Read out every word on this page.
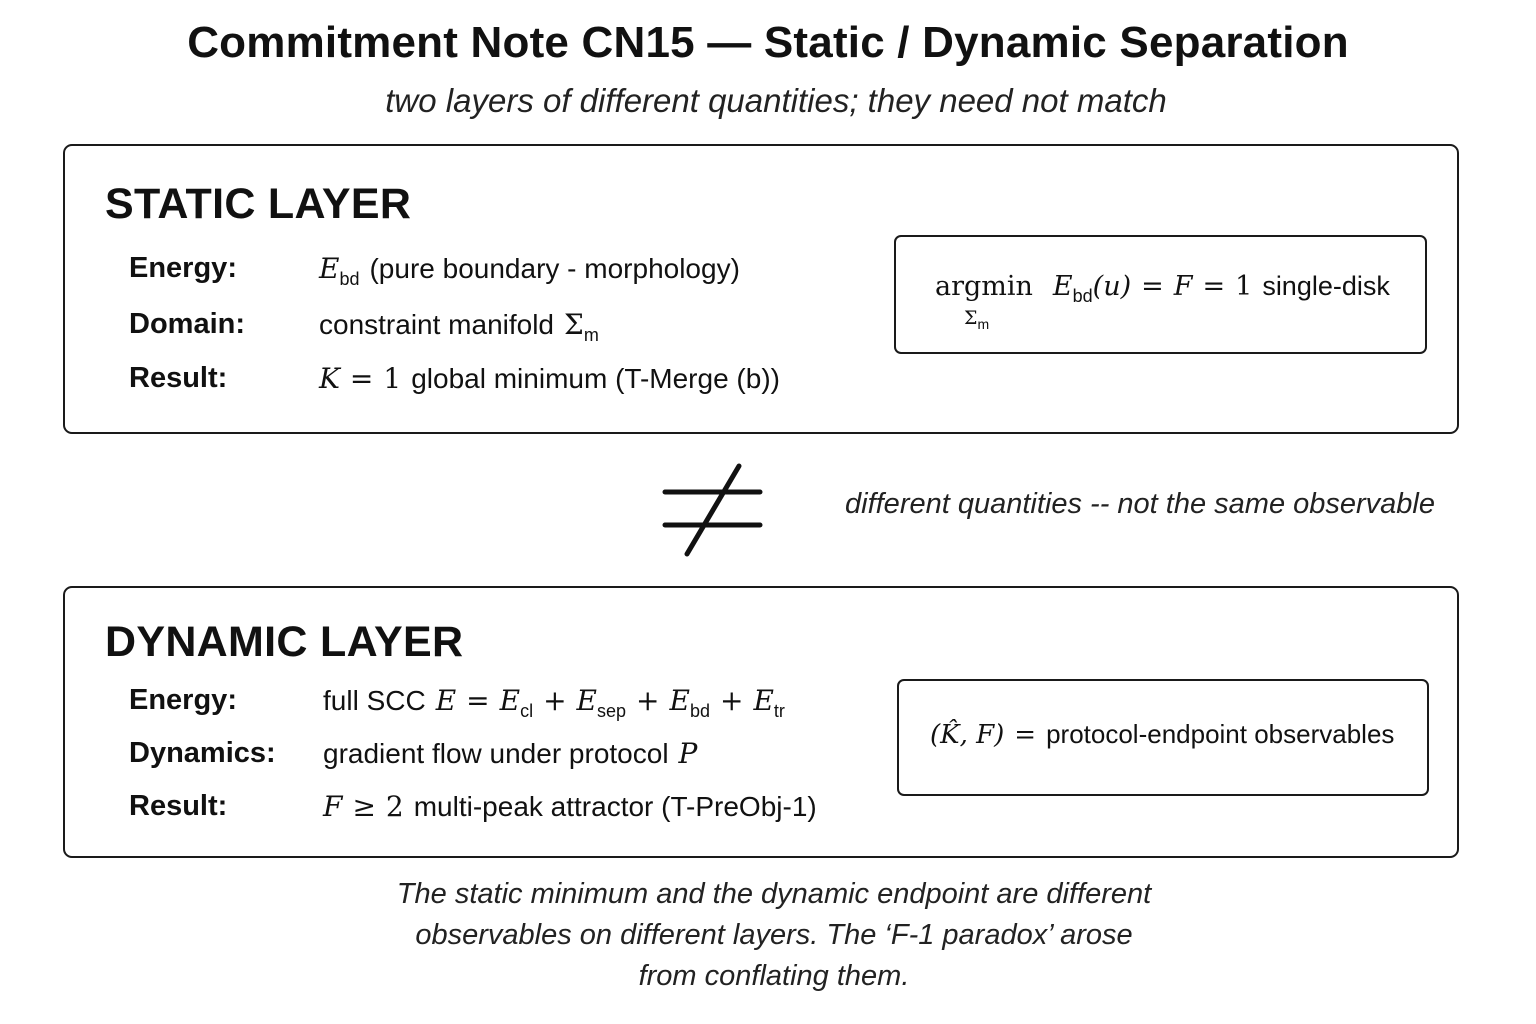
Commitment Note CN15 — Static / Dynamic Separation
two layers of different quantities; they need not match
STATIC LAYER
Energy:	$E_{bd}$ (pure boundary - morphology)
Domain:	constraint manifold $\Sigma_m$
Result:	K = 1 global minimum (T-Merge (b))
argmin $E_{bd}(u) = F = 1$ single-disk
$\Sigma_m$
different quantities -- not the same observable
DYNAMIC LAYER
Energy:	full SCC $E = E_{cl} + E_{sep} + E_{bd} + E_{tr}$
Dynamics: gradient flow under protocol P
Result:	F ≥ 2 multi-peak attractor (T-PreObj-1)
(K̂, F) = protocol-endpoint observables
The static minimum and the dynamic endpoint are different
observables on different layers. The ‘F-1 paradox’ arose
from conflating them.
